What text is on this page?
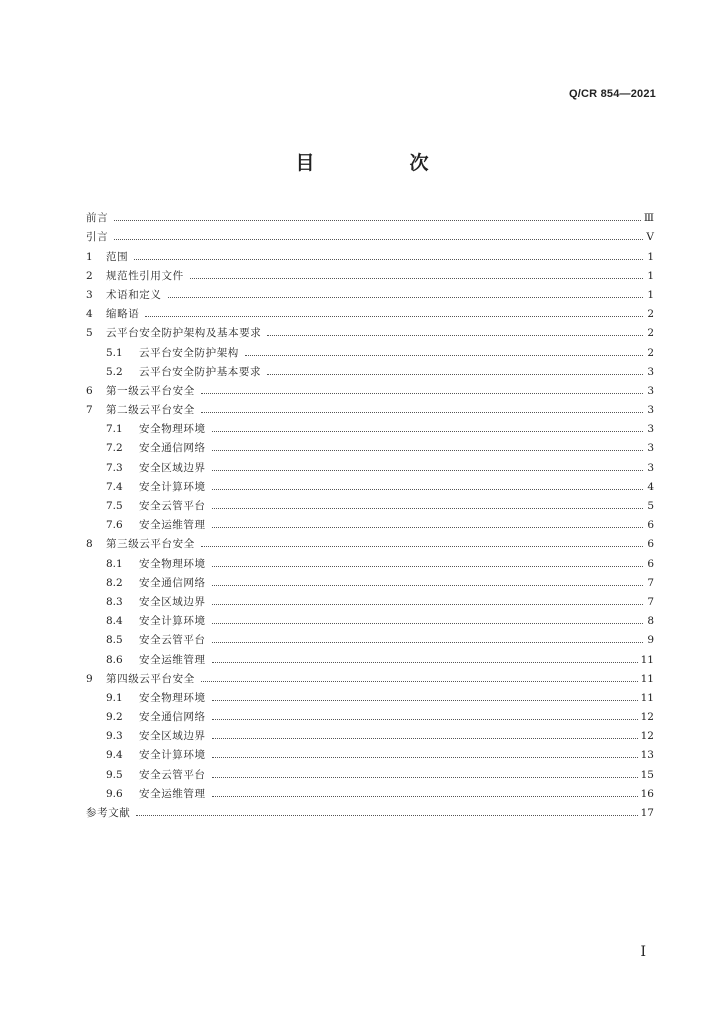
Q/CR 854—2021
目　次
前言	Ⅲ
引言	Ⅴ
1	范围	1
2	规范性引用文件	1
3	术语和定义	1
4	缩略语	2
5	云平台安全防护架构及基本要求	2
5.1	云平台安全防护架构	2
5.2	云平台安全防护基本要求	3
6	第一级云平台安全	3
7	第二级云平台安全	3
7.1	安全物理环境	3
7.2	安全通信网络	3
7.3	安全区域边界	3
7.4	安全计算环境	4
7.5	安全云管平台	5
7.6	安全运维管理	6
8	第三级云平台安全	6
8.1	安全物理环境	6
8.2	安全通信网络	7
8.3	安全区域边界	7
8.4	安全计算环境	8
8.5	安全云管平台	9
8.6	安全运维管理	11
9	第四级云平台安全	11
9.1	安全物理环境	11
9.2	安全通信网络	12
9.3	安全区域边界	12
9.4	安全计算环境	13
9.5	安全云管平台	15
9.6	安全运维管理	16
参考文献	17
I
